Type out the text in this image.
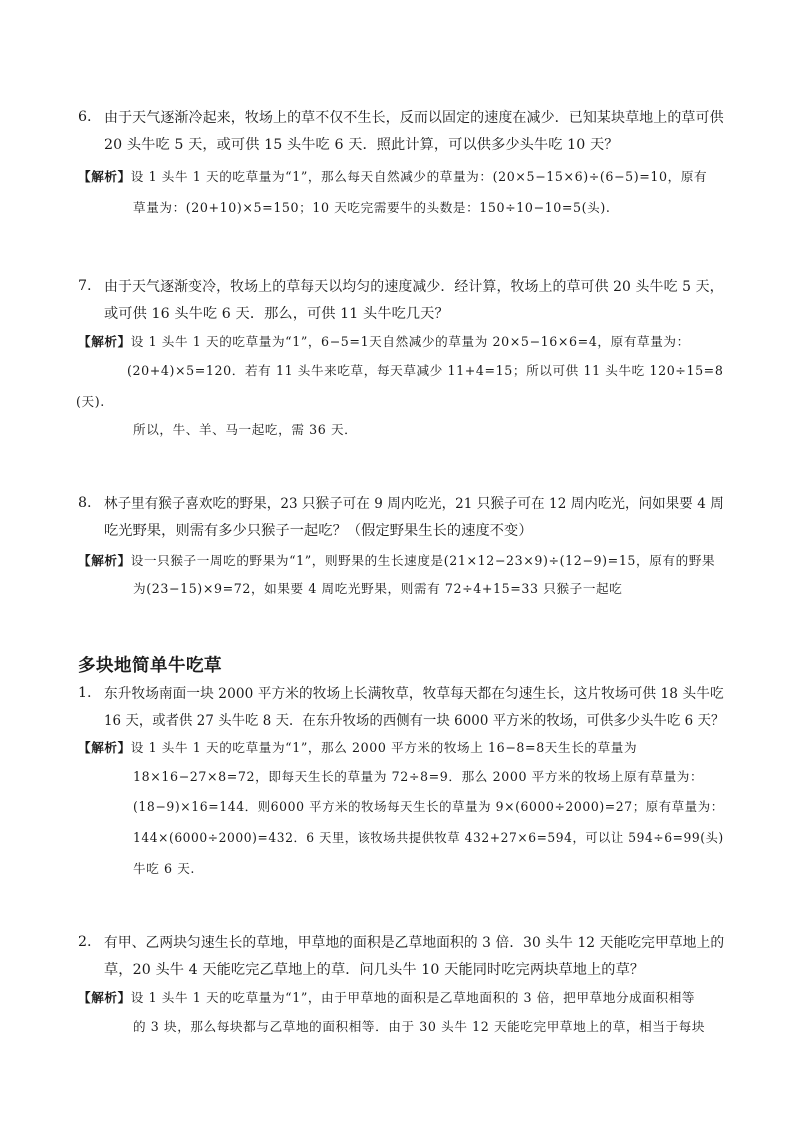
6. 由于天气逐渐冷起来，牧场上的草不仅不生长，反而以固定的速度在减少．已知某块草地上的草可供
20 头牛吃 5 天，或可供 15 头牛吃 6 天．照此计算，可以供多少头牛吃 10 天？
【解析】设 1 头牛 1 天的吃草量为“1”，那么每天自然减少的草量为：(20×5−15×6)÷(6−5)=10，原有
草量为：(20+10)×5=150；10 天吃完需要牛的头数是：150÷10−10=5(头).
7. 由于天气逐渐变冷，牧场上的草每天以均匀的速度减少．经计算，牧场上的草可供 20 头牛吃 5 天，
或可供 16 头牛吃 6 天．那么，可供 11 头牛吃几天？
【解析】设 1 头牛 1 天的吃草量为“1”，6−5=1天自然减少的草量为 20×5−16×6=4，原有草量为：
(20+4)×5=120．若有 11 头牛来吃草，每天草减少 11+4=15；所以可供 11 头牛吃 120÷15=8
(天).
所以，牛、羊、马一起吃，需 36 天．
8. 林子里有猴子喜欢吃的野果，23 只猴子可在 9 周内吃光，21 只猴子可在 12 周内吃光，问如果要 4 周
吃光野果，则需有多少只猴子一起吃？（假定野果生长的速度不变）
【解析】设一只猴子一周吃的野果为“1”，则野果的生长速度是(21×12−23×9)÷(12−9)=15，原有的野果
为(23−15)×9=72，如果要 4 周吃光野果，则需有 72÷4+15=33 只猴子一起吃
多块地简单牛吃草
1. 东升牧场南面一块 2000 平方米的牧场上长满牧草，牧草每天都在匀速生长，这片牧场可供 18 头牛吃
16 天，或者供 27 头牛吃 8 天．在东升牧场的西侧有一块 6000 平方米的牧场，可供多少头牛吃 6 天？
【解析】设 1 头牛 1 天的吃草量为“1”，那么 2000 平方米的牧场上 16−8=8天生长的草量为
18×16−27×8=72，即每天生长的草量为 72÷8=9．那么 2000 平方米的牧场上原有草量为：
(18−9)×16=144．则6000 平方米的牧场每天生长的草量为 9×(6000÷2000)=27；原有草量为：
144×(6000÷2000)=432．6 天里，该牧场共提供牧草 432+27×6=594，可以让 594÷6=99(头)
牛吃 6 天.
2. 有甲、乙两块匀速生长的草地，甲草地的面积是乙草地面积的 3 倍．30 头牛 12 天能吃完甲草地上的
草，20 头牛 4 天能吃完乙草地上的草．问几头牛 10 天能同时吃完两块草地上的草？
【解析】设 1 头牛 1 天的吃草量为“1”，由于甲草地的面积是乙草地面积的 3 倍，把甲草地分成面积相等
的 3 块，那么每块都与乙草地的面积相等．由于 30 头牛 12 天能吃完甲草地上的草，相当于每块
